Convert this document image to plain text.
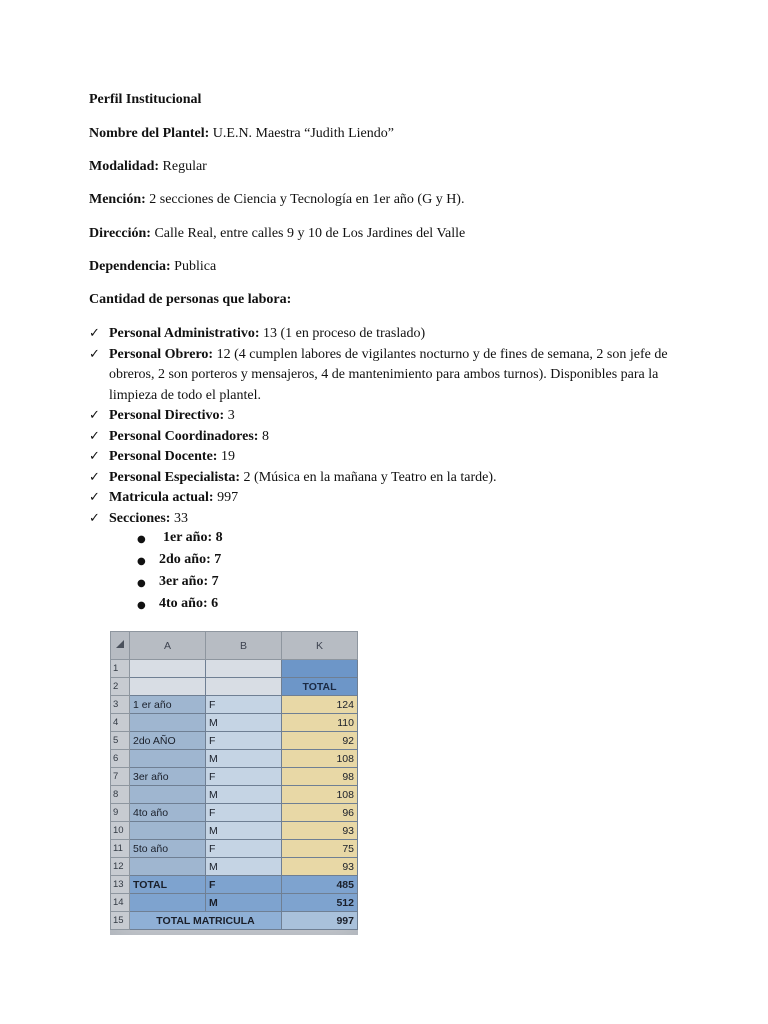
Perfil Institucional
Nombre del Plantel: U.E.N. Maestra “Judith Liendo”
Modalidad: Regular
Mención: 2 secciones de Ciencia y Tecnología en 1er año (G y H).
Dirección: Calle Real, entre calles 9 y 10 de Los Jardines del Valle
Dependencia: Publica
Cantidad de personas que labora:
✓ Personal Administrativo: 13 (1 en proceso de traslado)
✓ Personal Obrero: 12 (4 cumplen labores de vigilantes nocturno y de fines de semana, 2 son jefe de obreros, 2 son porteros y mensajeros, 4 de mantenimiento para ambos turnos). Disponibles para la limpieza de todo el plantel.
✓ Personal Directivo: 3
✓ Personal Coordinadores: 8
✓ Personal Docente: 19
✓ Personal Especialista: 2 (Música en la mañana y Teatro en la tarde).
✓ Matricula actual: 997
✓ Secciones: 33
● 1er año: 8
● 2do año: 7
● 3er año: 7
● 4to año: 6
	A	B	K
1			
2			TOTAL
3	1 er año	F	124
4		M	110
5	2do AÑO	F	92
6		M	108
7	3er año	F	98
8		M	108
9	4to año	F	96
10		M	93
11	5to año	F	75
12		M	93
13	TOTAL	F	485
14		M	512
15	TOTAL MATRICULA		997
